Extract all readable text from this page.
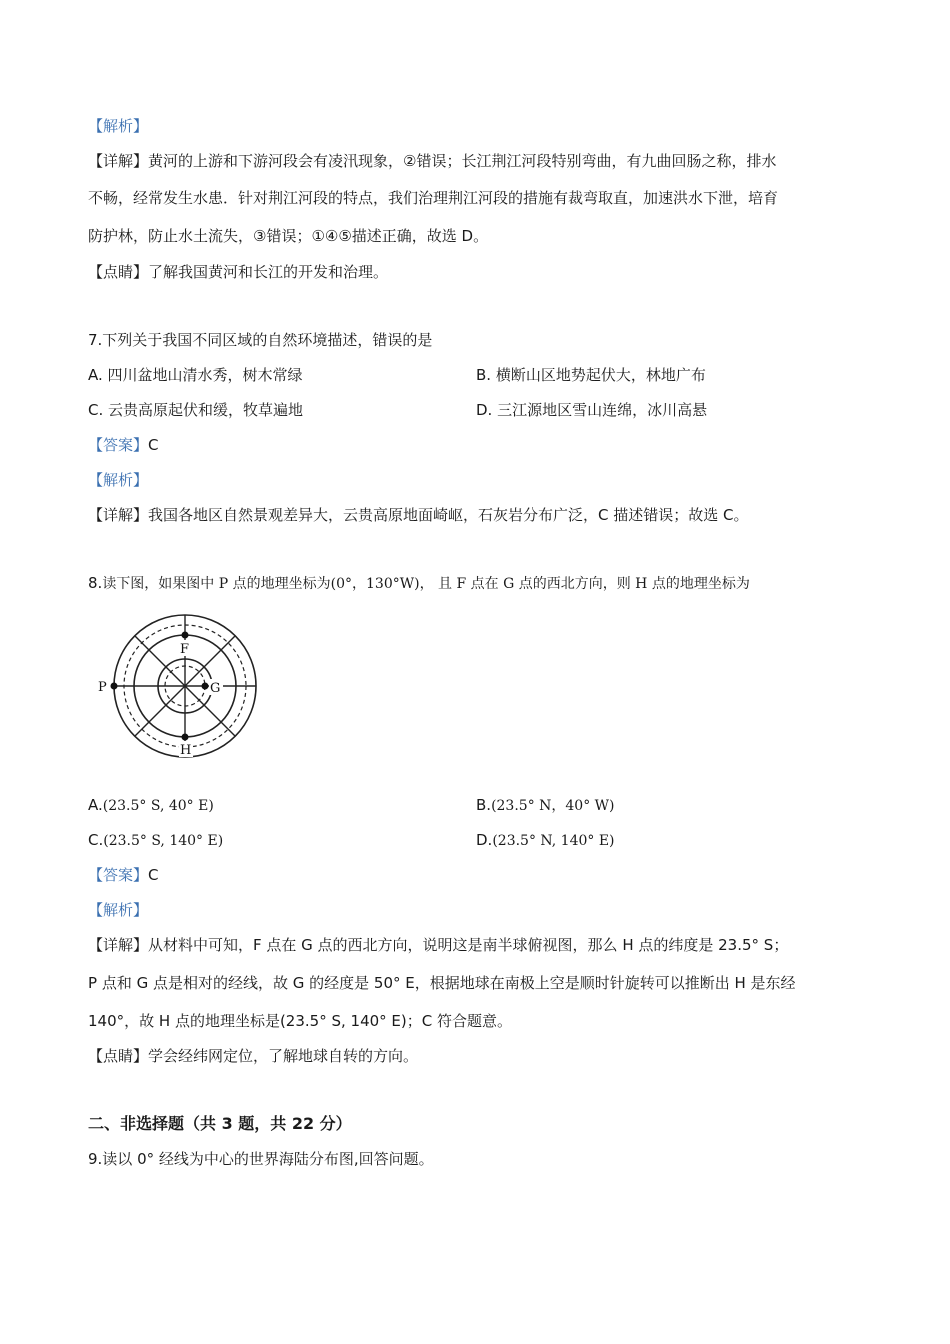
【解析】
【详解】黄河的上游和下游河段会有凌汛现象，②错误；长江荆江河段特别弯曲，有九曲回肠之称，排水
不畅，经常发生水患．针对荆江河段的特点，我们治理荆江河段的措施有裁弯取直，加速洪水下泄，培育
防护林，防止水土流失，③错误；①④⑤描述正确，故选 D。
【点睛】了解我国黄河和长江的开发和治理。
7.下列关于我国不同区域的自然环境描述，错误的是
A. 四川盆地山清水秀，树木常绿	B. 横断山区地势起伏大，林地广布
C. 云贵高原起伏和缓，牧草遍地	D. 三江源地区雪山连绵，冰川高悬
【答案】C
【解析】
【详解】我国各地区自然景观差异大，云贵高原地面崎岖，石灰岩分布广泛，C 描述错误；故选 C。
8.读下图，如果图中 P 点的地理坐标为(0°，130°W)， 且 F 点在 G 点的西北方向，则 H 点的地理坐标为
F
G
P
H
A.(23.5° S, 40° E)	B.(23.5° N，40° W)
C.(23.5° S, 140° E)	D.(23.5° N, 140° E)
【答案】C
【解析】
【详解】从材料中可知，F 点在 G 点的西北方向，说明这是南半球俯视图，那么 H 点的纬度是 23.5° S；
P 点和 G 点是相对的经线，故 G 的经度是 50° E，根据地球在南极上空是顺时针旋转可以推断出 H 是东经
140°，故 H 点的地理坐标是(23.5° S, 140° E)；C 符合题意。
【点睛】学会经纬网定位，了解地球自转的方向。
二、非选择题（共 3 题，共 22 分）
9.读以 0° 经线为中心的世界海陆分布图,回答问题。
